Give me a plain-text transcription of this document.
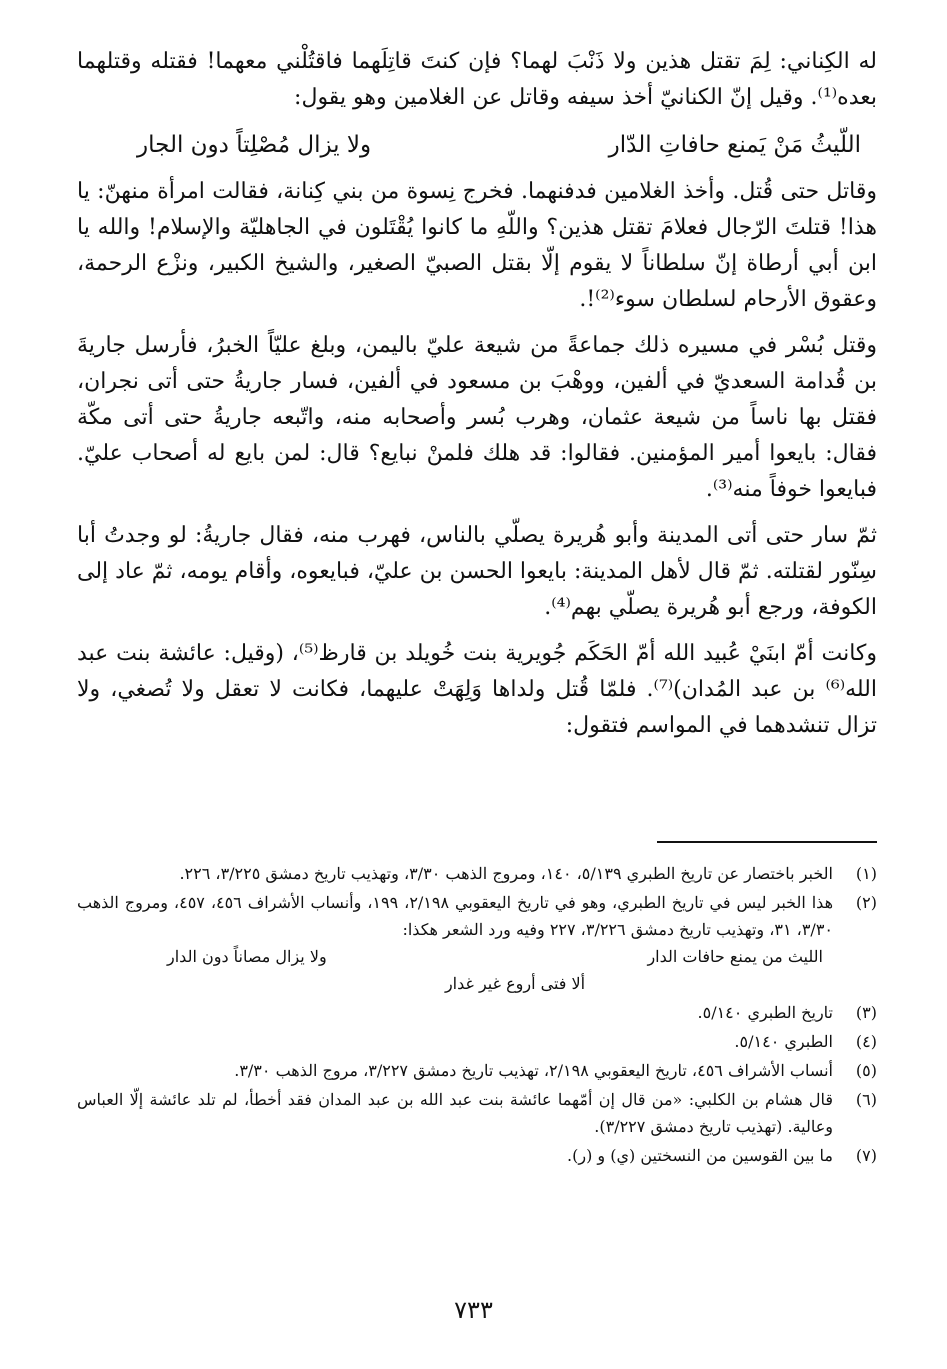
له الكِناني: لِمَ تقتل هذين ولا ذَنْبَ لهما؟ فإن كنتَ قاتِلَهما فاقتُلْني معهما! فقتله وقتلهما بعده⁽¹⁾. وقيل إنّ الكنانيّ أخذ سيفه وقاتل عن الغلامين وهو يقول:

اللّيثُ مَنْ يَمنع حافاتِ الدّار
ولا يزال مُصْلِتاً دون الجار

وقاتل حتى قُتل. وأخذ الغلامين فدفنهما. فخرج نِسوة من بني كِنانة، فقالت امرأة منهنّ: يا هذا! قتلتَ الرّجال فعلامَ تقتل هذين؟ واللّهِ ما كانوا يُقْتَلون في الجاهليّة والإسلام! والله يا ابن أبي أرطاة إنّ سلطاناً لا يقوم إلّا بقتل الصبيّ الصغير، والشيخ الكبير، ونزْع الرحمة، وعقوق الأرحام لسلطان سوء⁽²⁾!.

وقتل بُسْر في مسيره ذلك جماعةً من شيعة عليّ باليمن، وبلغ عليّاً الخبرُ، فأرسل جاريةَ بن قُدامة السعديّ في ألفين، ووهْبَ بن مسعود في ألفين، فسار جاريةُ حتى أتى نجران، فقتل بها ناساً من شيعة عثمان، وهرب بُسر وأصحابه منه، واتّبعه جاريةُ حتى أتى مكّة فقال: بايعوا أمير المؤمنين. فقالوا: قد هلك فلمنْ نبايع؟ قال: لمن بايع له أصحاب عليّ. فبايعوا خوفاً منه⁽³⁾.

ثمّ سار حتى أتى المدينة وأبو هُريرة يصلّي بالناس، فهرب منه، فقال جاريةُ: لو وجدتُ أبا سِنّور لقتلته. ثمّ قال لأهل المدينة: بايعوا الحسن بن عليّ، فبايعوه، وأقام يومه، ثمّ عاد إلى الكوفة، ورجع أبو هُريرة يصلّي بهم⁽⁴⁾.

وكانت أمّ ابنَيْ عُبيد الله أمّ الحَكَم جُويرية بنت خُويلد بن قارظ⁽⁵⁾، (وقيل: عائشة بنت عبد الله⁽⁶⁾ بن عبد المُدان)⁽⁷⁾. فلمّا قُتل ولداها وَلِهَتْ عليهما، فكانت لا تعقل ولا تُصغي، ولا تزال تنشدهما في المواسم فتقول:

(١)
الخبر باختصار عن تاريخ الطبري ٥/١٣٩، ١٤٠، ومروج الذهب ٣/٣٠، وتهذيب تاريخ دمشق ٣/٢٢٥، ٢٢٦.
(٢)
هذا الخبر ليس في تاريخ الطبري، وهو في تاريخ اليعقوبي ٢/١٩٨، ١٩٩، وأنساب الأشراف ٤٥٦، ٤٥٧، ومروج الذهب ٣/٣٠، ٣١، وتهذيب تاريخ دمشق ٣/٢٢٦، ٢٢٧ وفيه ورد الشعر هكذا:
الليث من يمنع حافات الدار
ولا يزال مصاناً دون الدار
ألا فتى أروع غير غدار
(٣)
تاريخ الطبري ٥/١٤٠.
(٤)
الطبري ٥/١٤٠.
(٥)
أنساب الأشراف ٤٥٦، تاريخ اليعقوبي ٢/١٩٨، تهذيب تاريخ دمشق ٣/٢٢٧، مروج الذهب ٣/٣٠.
(٦)
قال هشام بن الكلبي: «من قال إن أمّهما عائشة بنت عبد الله بن عبد المدان فقد أخطأ، لم تلد عائشة إلّا العباس وعالية. (تهذيب تاريخ دمشق ٣/٢٢٧).
(٧)
ما بين القوسين من النسختين (ي) و (ر).
٧٣٣
